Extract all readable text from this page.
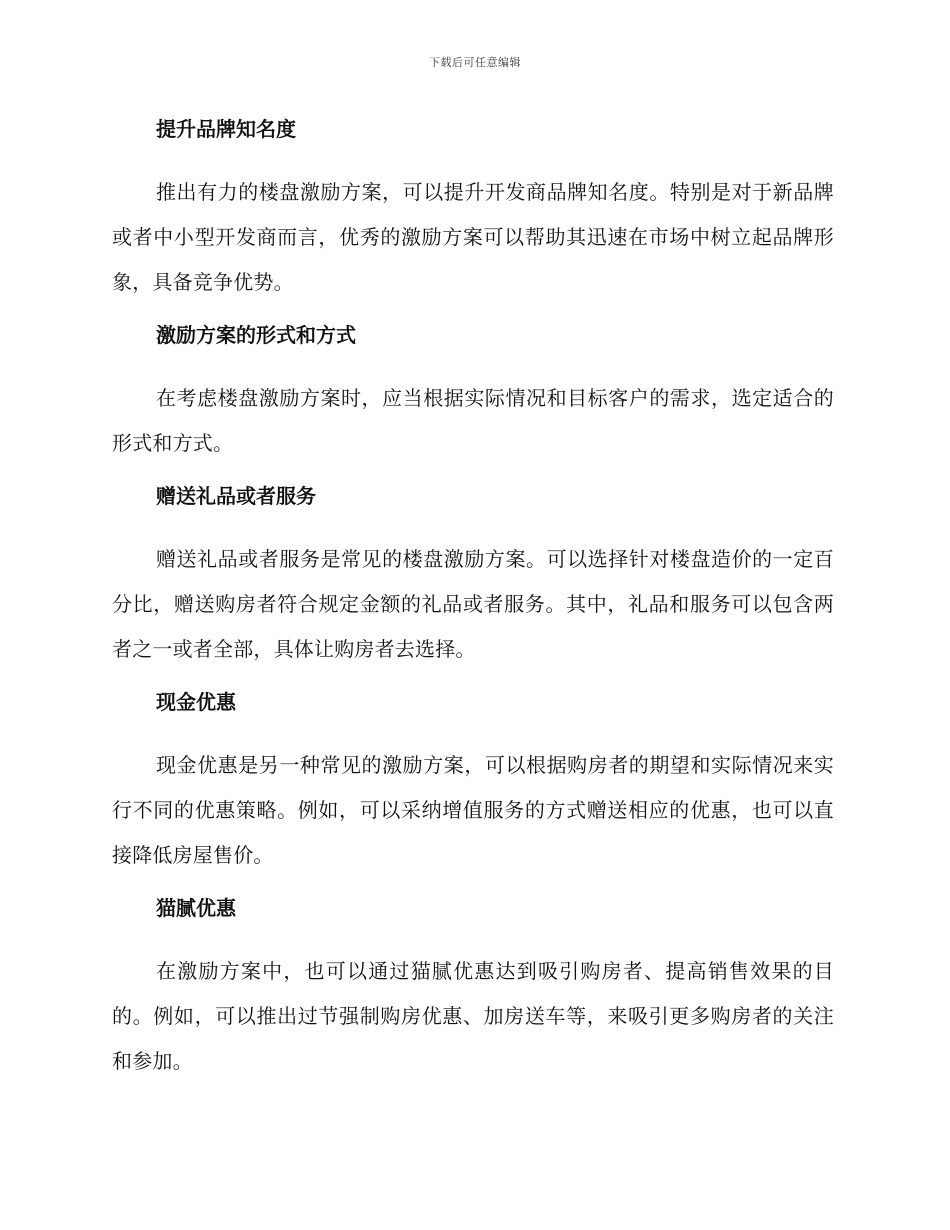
下载后可任意编辑
提升品牌知名度

推出有力的楼盘激励方案，可以提升开发商品牌知名度。特别是对于新品牌或者中小型开发商而言，优秀的激励方案可以帮助其迅速在市场中树立起品牌形象，具备竞争优势。

激励方案的形式和方式

在考虑楼盘激励方案时，应当根据实际情况和目标客户的需求，选定适合的形式和方式。

赠送礼品或者服务

赠送礼品或者服务是常见的楼盘激励方案。可以选择针对楼盘造价的一定百分比，赠送购房者符合规定金额的礼品或者服务。其中，礼品和服务可以包含两者之一或者全部，具体让购房者去选择。

现金优惠

现金优惠是另一种常见的激励方案，可以根据购房者的期望和实际情况来实行不同的优惠策略。例如，可以采纳增值服务的方式赠送相应的优惠，也可以直接降低房屋售价。

猫腻优惠

在激励方案中，也可以通过猫腻优惠达到吸引购房者、提高销售效果的目的。例如，可以推出过节强制购房优惠、加房送车等，来吸引更多购房者的关注和参加。
